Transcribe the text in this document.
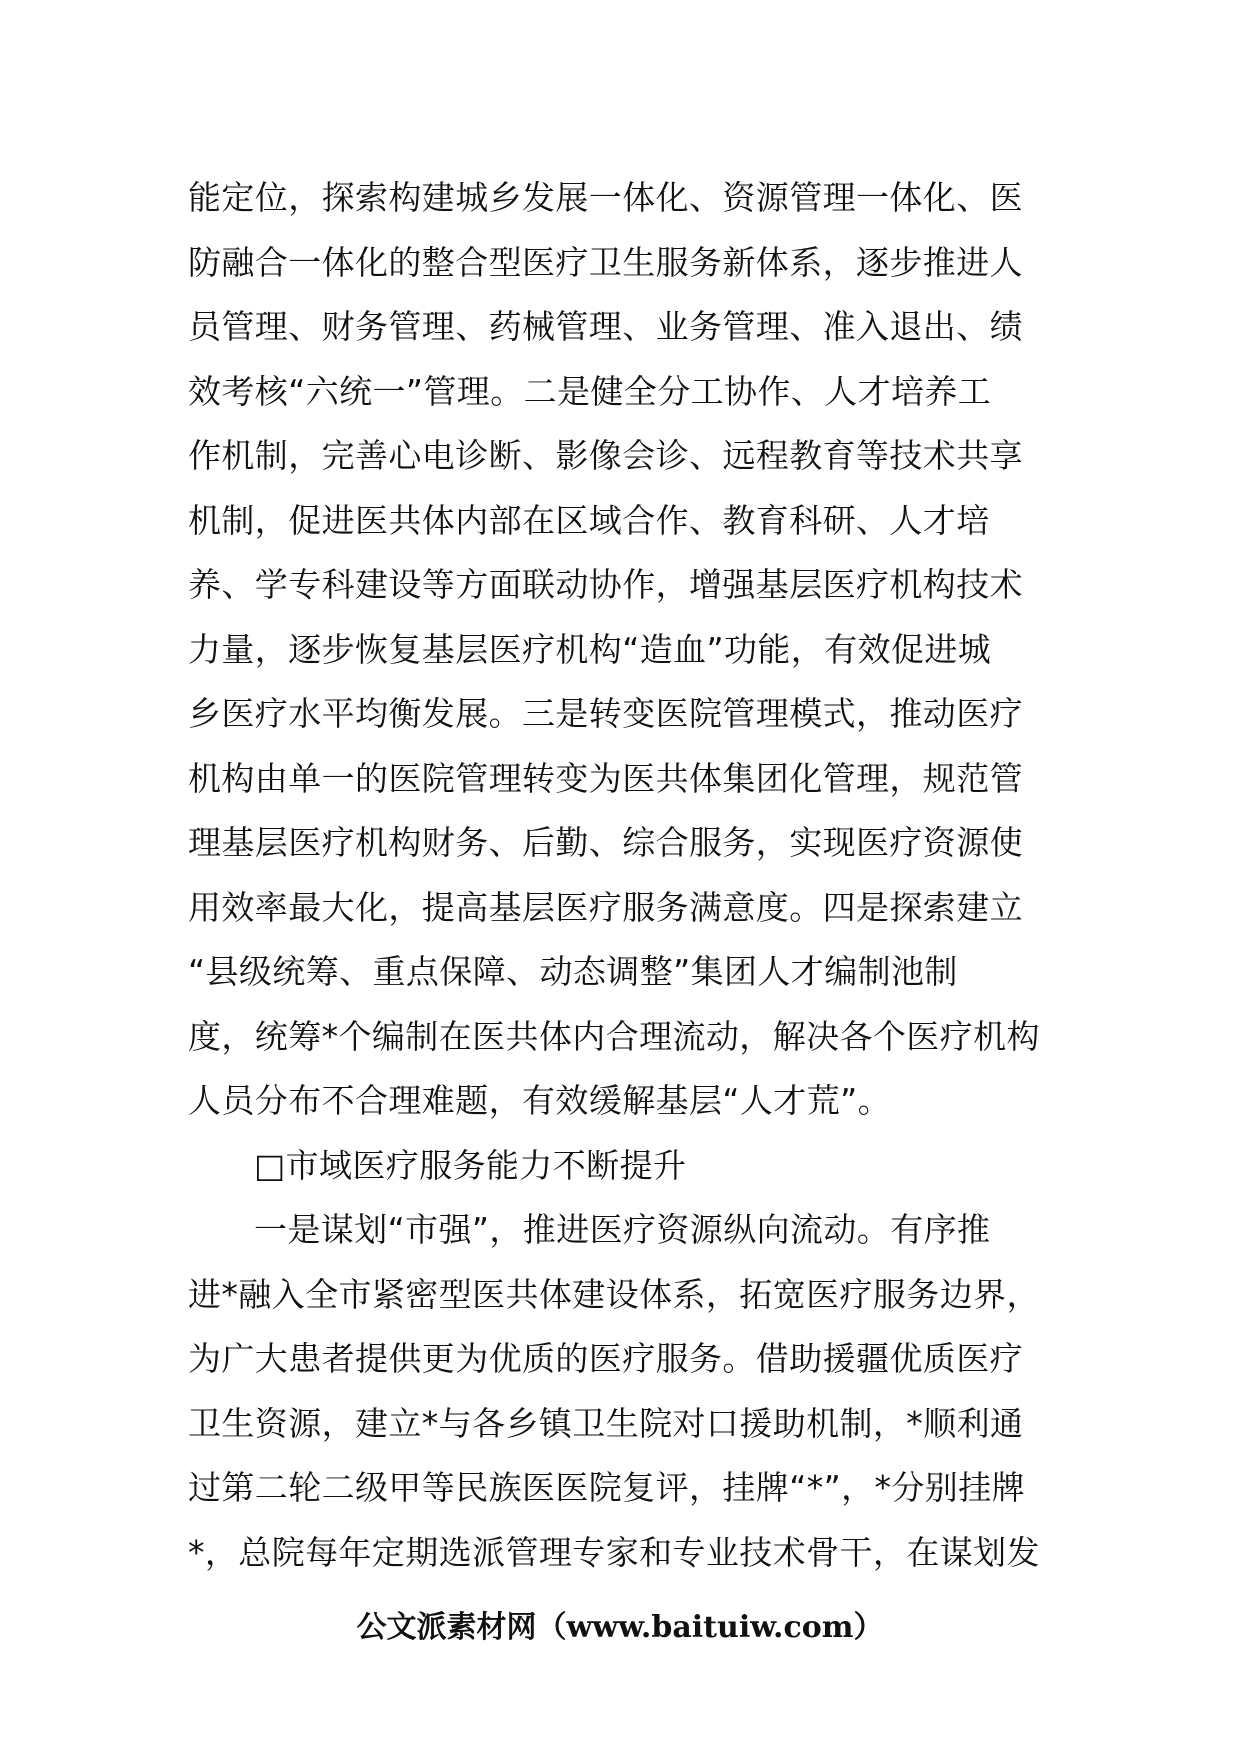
能定位，探索构建城乡发展一体化、资源管理一体化、医
防融合一体化的整合型医疗卫生服务新体系，逐步推进人
员管理、财务管理、药械管理、业务管理、准入退出、绩
效考核“六统一”管理。二是健全分工协作、人才培养工
作机制，完善心电诊断、影像会诊、远程教育等技术共享
机制，促进医共体内部在区域合作、教育科研、人才培
养、学专科建设等方面联动协作，增强基层医疗机构技术
力量，逐步恢复基层医疗机构“造血”功能，有效促进城
乡医疗水平均衡发展。三是转变医院管理模式，推动医疗
机构由单一的医院管理转变为医共体集团化管理，规范管
理基层医疗机构财务、后勤、综合服务，实现医疗资源使
用效率最大化，提高基层医疗服务满意度。四是探索建立
“县级统筹、重点保障、动态调整”集团人才编制池制
度，统筹*个编制在医共体内合理流动，解决各个医疗机构
人员分布不合理难题，有效缓解基层“人才荒”。
□市域医疗服务能力不断提升
一是谋划“市强”，推进医疗资源纵向流动。有序推
进*融入全市紧密型医共体建设体系，拓宽医疗服务边界，
为广大患者提供更为优质的医疗服务。借助援疆优质医疗
卫生资源，建立*与各乡镇卫生院对口援助机制，*顺利通
过第二轮二级甲等民族医医院复评，挂牌“*”，*分别挂牌
*，总院每年定期选派管理专家和专业技术骨干，在谋划发
公文派素材网（www.baituiw.com）
